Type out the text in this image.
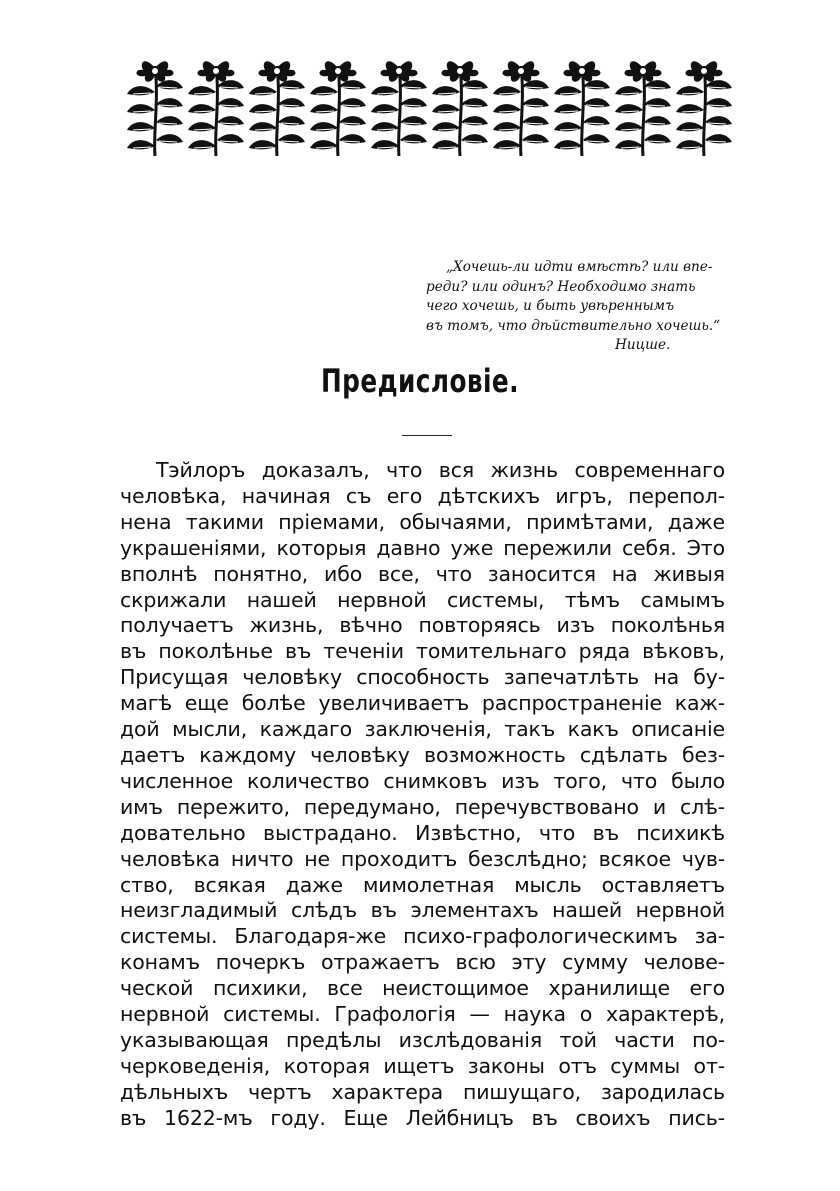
„Хочешь-ли идти вмѣстѣ? или впе-
реди? или одинъ? Необходимо знать
чего хочешь, и быть увѣреннымъ
въ томъ, что дѣйствительно хочешь.“
Ницше.
Предисловіе.
Тэйлоръ доказалъ, что вся жизнь современнаго
человѣка, начиная съ его дѣтскихъ игръ, перепол-
нена такими пріемами, обычаями, примѣтами, даже
украшеніями, которыя давно уже пережили себя. Это
вполнѣ понятно, ибо все, что заносится на живыя
скрижали нашей нервной системы, тѣмъ самымъ
получаетъ жизнь, вѣчно повторяясь изъ поколѣнья
въ поколѣнье въ теченіи томительнаго ряда вѣковъ,
Присущая человѣку способность запечатлѣть на бу-
магѣ еще болѣе увеличиваетъ распространеніе каж-
дой мысли, каждаго заключенія, такъ какъ описаніе
даетъ каждому человѣку возможность сдѣлать без-
численное количество снимковъ изъ того, что было
имъ пережито, передумано, перечувствовано и слѣ-
довательно выстрадано. Извѣстно, что въ психикѣ
человѣка ничто не проходитъ безслѣдно; всякое чув-
ство, всякая даже мимолетная мысль оставляетъ
неизгладимый слѣдъ въ элементахъ нашей нервной
системы. Благодаря-же психо-графологическимъ за-
конамъ почеркъ отражаетъ всю эту сумму челове-
ческой психики, все неистощимое хранилище его
нервной системы. Графологія — наука о характерѣ,
указывающая предѣлы изслѣдованія той части по-
черковеденія, которая ищетъ законы отъ суммы от-
дѣльныхъ чертъ характера пишущаго, зародилась
въ 1622-мъ году. Еще Лейбницъ въ своихъ пись-
